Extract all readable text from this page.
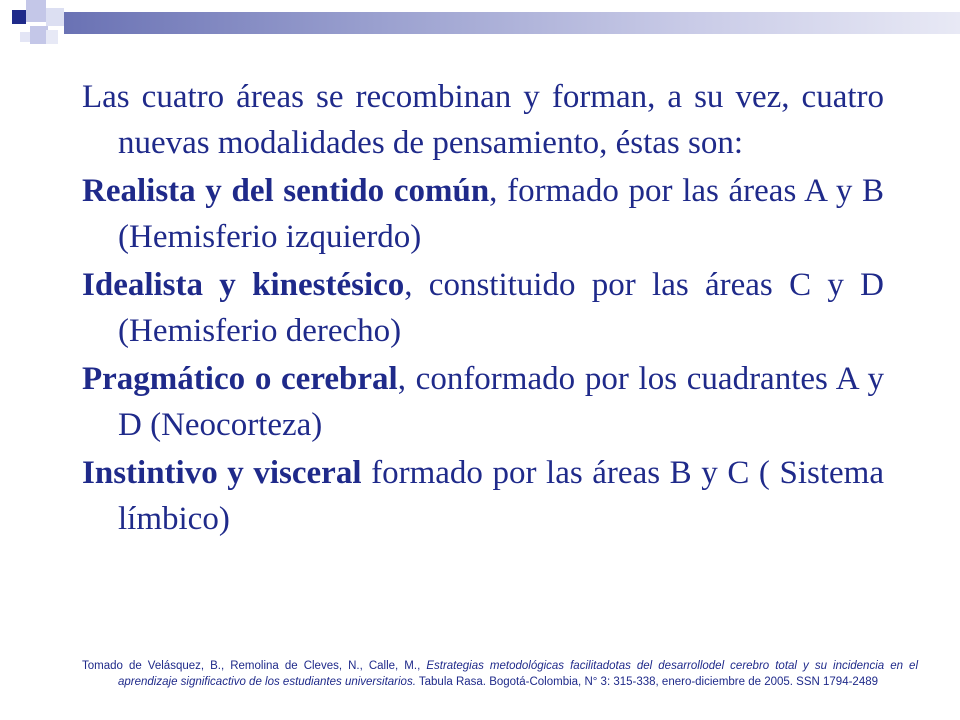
Las cuatro áreas se recombinan y forman, a su vez, cuatro nuevas modalidades de pensamiento, éstas son:

Realista y del sentido común, formado por las áreas A y B (Hemisferio izquierdo)

Idealista y kinestésico, constituido por las áreas C y D (Hemisferio derecho)

Pragmático o cerebral, conformado por los cuadrantes A y D (Neocorteza)

Instintivo y visceral formado por las áreas B y C ( Sistema límbico)

Tomado de Velásquez, B., Remolina de Cleves, N., Calle, M., Estrategias metodológicas facilitadotas del desarrollodel cerebro total y su incidencia en el aprendizaje significactivo de los estudiantes universitarios. Tabula Rasa. Bogotá-Colombia, N° 3: 315-338, enero-diciembre de 2005. SSN 1794-2489
